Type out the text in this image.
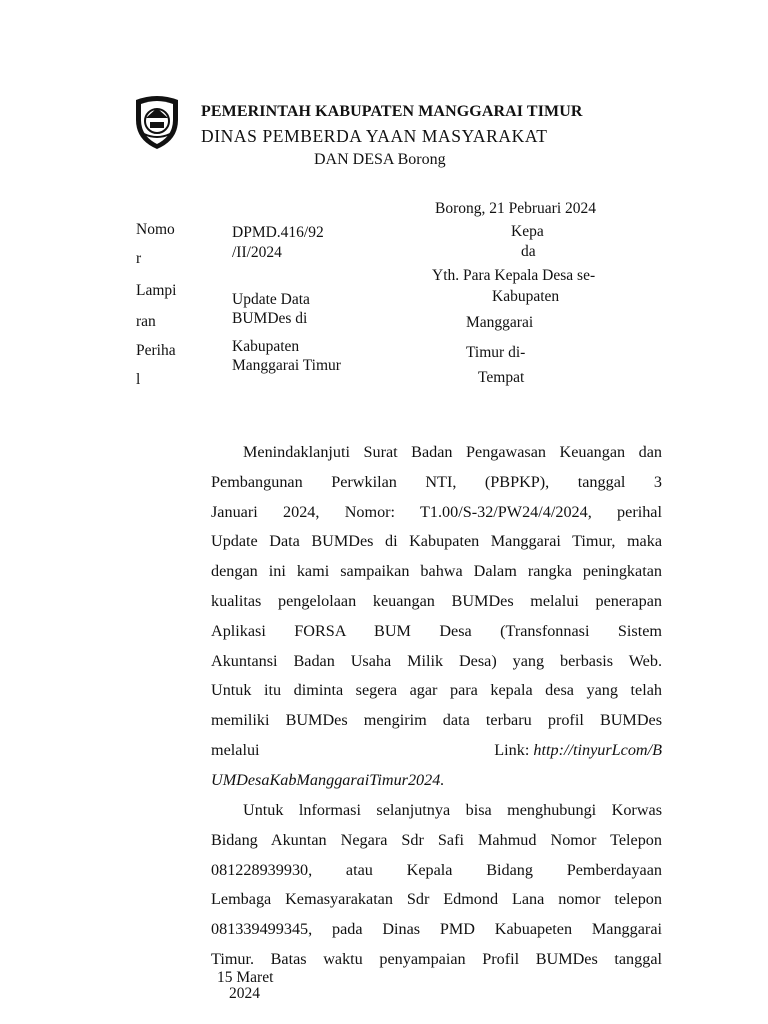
PEMERINTAH KABUPATEN MANGGARAI TIMUR
DINAS PEMBERDA YAAN MASYARAKAT
DAN DESA Borong
Nomo
r
Lampi
ran
Periha
l
DPMD.416/92
/II/2024
Update Data
BUMDes di
Kabupaten
Manggarai Timur
Borong, 21 Pebruari 2024
Kepa
da
Yth. Para Kepala Desa se-
Kabupaten
Manggarai
Timur di-
Tempat
Menindaklanjuti Surat Badan Pengawasan Keuangan dan
Pembangunan Perwkilan NTI, (PBPKP), tanggal 3
Januari 2024, Nomor: T1.00/S-32/PW24/4/2024, perihal
Update Data BUMDes di Kabupaten Manggarai Timur, maka
dengan ini kami sampaikan bahwa Dalam rangka peningkatan
kualitas pengelolaan keuangan BUMDes melalui penerapan
Aplikasi FORSA BUM Desa (Transfonnasi Sistem
Akuntansi Badan Usaha Milik Desa) yang berbasis Web.
Untuk itu diminta segera agar para kepala desa yang telah
memiliki BUMDes mengirim data terbaru profil BUMDes
melalui Link: http://tinyurLcom/B
UMDesaKabManggaraiTimur2024.
Untuk lnformasi selanjutnya bisa menghubungi Korwas
Bidang Akuntan Negara Sdr Safi Mahmud Nomor Telepon
081228939930, atau Kepala Bidang Pemberdayaan
Lembaga Kemasyarakatan Sdr Edmond Lana nomor telepon
081339499345, pada Dinas PMD Kabuapeten Manggarai
Timur. Batas waktu penyampaian Profil BUMDes tanggal
15 Maret
2024
